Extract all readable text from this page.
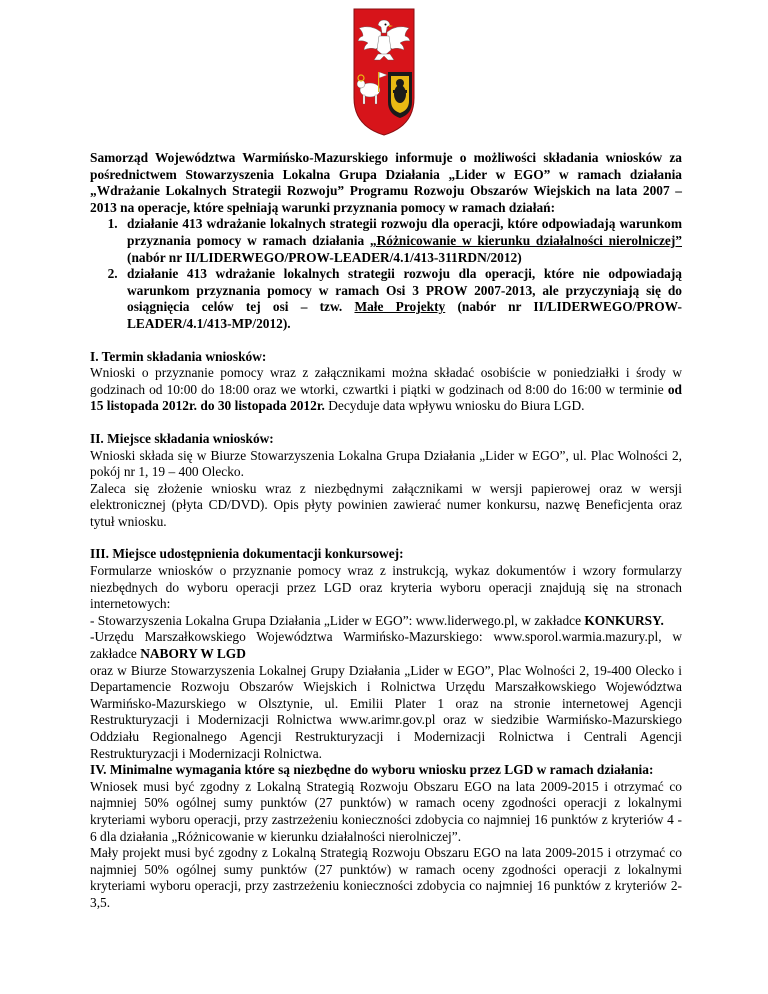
Samorząd Województwa Warmińsko-Mazurskiego informuje o możliwości składania wniosków za pośrednictwem Stowarzyszenia Lokalna Grupa Działania „Lider w EGO” w ramach działania „Wdrażanie Lokalnych Strategii Rozwoju” Programu Rozwoju Obszarów Wiejskich na lata 2007 – 2013 na operacje, które spełniają warunki przyznania pomocy w ramach działań:

1. działanie 413 wdrażanie lokalnych strategii rozwoju dla operacji, które odpowiadają warunkom przyznania pomocy w ramach działania „Różnicowanie w kierunku działalności nierolniczej” (nabór nr II/LIDERWEGO/PROW-LEADER/4.1/413-311RDN/2012)
2. działanie 413 wdrażanie lokalnych strategii rozwoju dla operacji, które nie odpowiadają warunkom przyznania pomocy w ramach Osi 3 PROW 2007-2013, ale przyczyniają się do osiągnięcia celów tej osi – tzw. Małe Projekty (nabór nr II/LIDERWEGO/PROW-LEADER/4.1/413-MP/2012).

I. Termin składania wniosków:

Wnioski o przyznanie pomocy wraz z załącznikami można składać osobiście w poniedziałki i środy w godzinach od 10:00 do 18:00 oraz we wtorki, czwartki i piątki w godzinach od 8:00 do 16:00 w terminie od 15 listopada 2012r. do 30 listopada 2012r. Decyduje data wpływu wniosku do Biura LGD.

II. Miejsce składania wniosków:

Wnioski składa się w Biurze Stowarzyszenia Lokalna Grupa Działania „Lider w EGO”, ul. Plac Wolności 2, pokój nr 1, 19 – 400 Olecko.

Zaleca się złożenie wniosku wraz z niezbędnymi załącznikami w wersji papierowej oraz w wersji elektronicznej (płyta CD/DVD). Opis płyty powinien zawierać numer konkursu, nazwę Beneficjenta oraz tytuł wniosku.

III. Miejsce udostępnienia dokumentacji konkursowej:

Formularze wniosków o przyznanie pomocy wraz z instrukcją, wykaz dokumentów i wzory formularzy niezbędnych do wyboru operacji przez LGD oraz kryteria wyboru operacji znajdują się na stronach internetowych:

- Stowarzyszenia Lokalna Grupa Działania „Lider w EGO”: www.liderwego.pl, w zakładce KONKURSY.

-Urzędu Marszałkowskiego Województwa Warmińsko-Mazurskiego: www.sporol.warmia.mazury.pl, w zakładce NABORY W LGD

oraz w Biurze Stowarzyszenia Lokalnej Grupy Działania „Lider w EGO”, Plac Wolności 2, 19-400 Olecko i Departamencie Rozwoju Obszarów Wiejskich i Rolnictwa Urzędu Marszałkowskiego Województwa Warmińsko-Mazurskiego w Olsztynie, ul. Emilii Plater 1 oraz na stronie internetowej Agencji Restrukturyzacji i Modernizacji Rolnictwa www.arimr.gov.pl oraz w siedzibie Warmińsko-Mazurskiego Oddziału Regionalnego Agencji Restrukturyzacji i Modernizacji Rolnictwa i Centrali Agencji Restrukturyzacji i Modernizacji Rolnictwa.

IV. Minimalne wymagania które są niezbędne do wyboru wniosku przez LGD w ramach działania:

Wniosek musi być zgodny z Lokalną Strategią Rozwoju Obszaru EGO na lata 2009-2015 i otrzymać co najmniej 50% ogólnej sumy punktów (27 punktów) w ramach oceny zgodności operacji z lokalnymi kryteriami wyboru operacji, przy zastrzeżeniu konieczności zdobycia co najmniej 16 punktów z kryteriów 4 - 6 dla działania „Różnicowanie w kierunku działalności nierolniczej”.

Mały projekt musi być zgodny z Lokalną Strategią Rozwoju Obszaru EGO na lata 2009-2015 i otrzymać co najmniej 50% ogólnej sumy punktów (27 punktów) w ramach oceny zgodności operacji z lokalnymi kryteriami wyboru operacji, przy zastrzeżeniu konieczności zdobycia co najmniej 16 punktów z kryteriów 2-3,5.
